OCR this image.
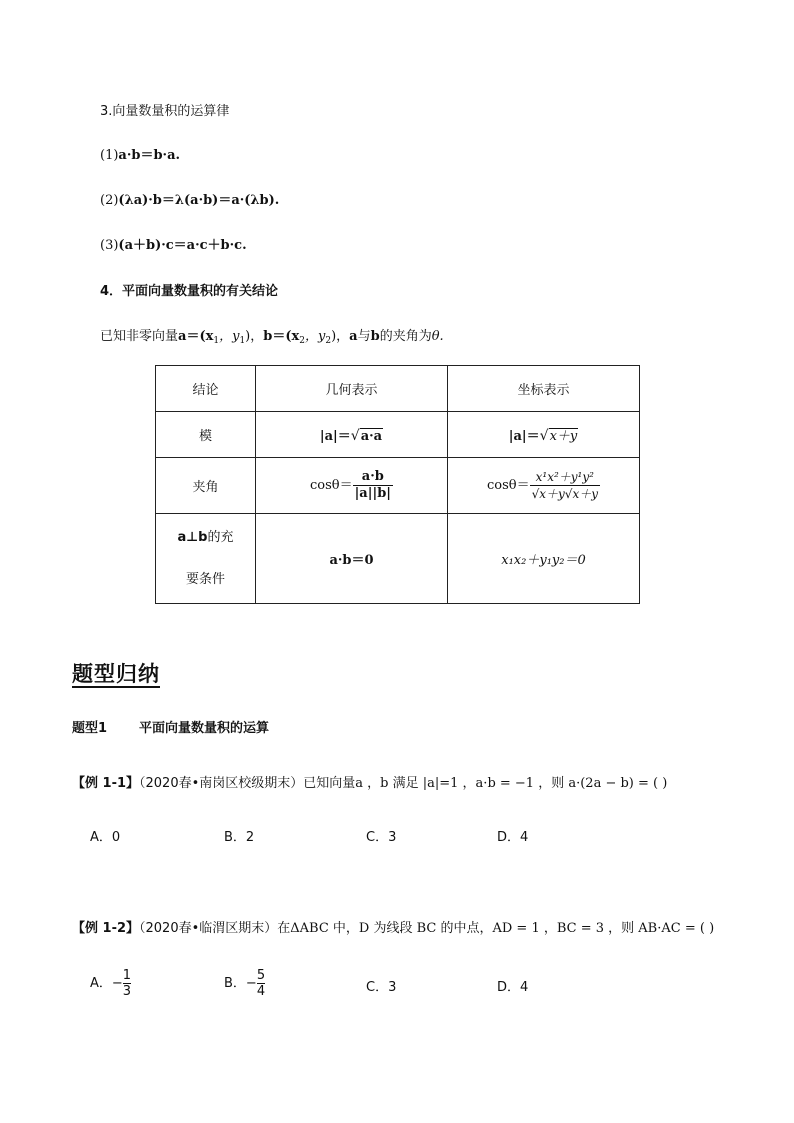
3.向量数量积的运算律
(1)a·b＝b·a.
(2)(λa)·b＝λ(a·b)＝a·(λb).
(3)(a＋b)·c＝a·c＋b·c.
4．平面向量数量积的有关结论
已知非零向量$a=(x_1$，$y_1$)，$b=(x_2$，$y_2$)，a与b的夹角为θ.
结论	几何表示	坐标表示
模	|a|＝√a·a	|a|＝√x＋y
夹角	$\cos\theta= \frac{a\cdot b}{|a||b|}$	$\cos\theta= \frac{\text{x¹x²＋y¹y²}}{√x+y√x+y}$

a⊥b的充
要条件	a·b＝0	x₁x₂＋y₁y₂＝0
题型归纳
题型1 平面向量数量积的运算
【例 1-1】（2020春•南岗区校级期末）已知向量a ，b 满足 |a|=1 ，a·b = −1 ，则 a·(2a − b) = ( )
A．0	B．2	C．3	D．4
【例 1-2】（2020春•临渭区期末）在ΔABC 中，D 为线段 BC 的中点，AD = 1 ，BC = 3 ，则 AB·AC = ( )
A．− $\frac{1}{3}$	B．− $\frac{5}{4}$	C．3	D．4
